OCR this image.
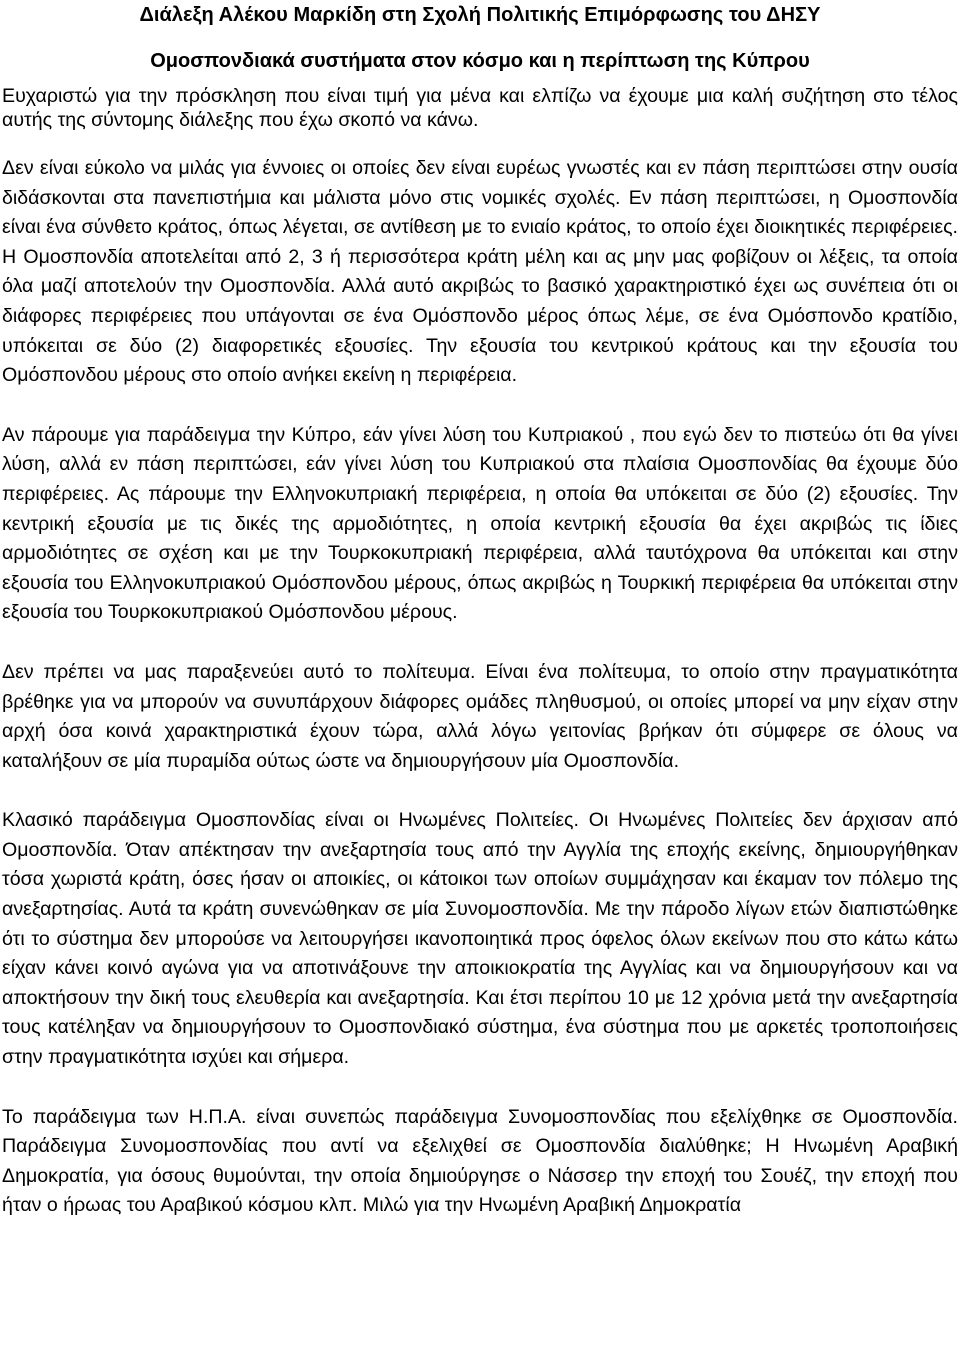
Διάλεξη Αλέκου Μαρκίδη στη Σχολή Πολιτικής Επιμόρφωσης του ΔΗΣΥ
Ομοσπονδιακά συστήματα στον κόσμο και η περίπτωση της Κύπρου

Ευχαριστώ για την πρόσκληση που είναι τιμή για μένα και ελπίζω να έχουμε μια καλή συζήτηση στο τέλος αυτής της σύντομης διάλεξης που έχω σκοπό να κάνω.

Δεν είναι εύκολο να μιλάς για έννοιες οι οποίες δεν είναι ευρέως γνωστές και εν πάση περιπτώσει στην ουσία διδάσκονται στα πανεπιστήμια και μάλιστα μόνο στις νομικές σχολές. Εν πάση περιπτώσει, η Ομοσπονδία είναι ένα σύνθετο κράτος, όπως λέγεται, σε αντίθεση με το ενιαίο κράτος, το οποίο έχει διοικητικές περιφέρειες. Η Ομοσπονδία αποτελείται από 2, 3 ή περισσότερα κράτη μέλη και ας μην μας φοβίζουν οι λέξεις, τα οποία όλα μαζί αποτελούν την Ομοσπονδία. Αλλά αυτό ακριβώς το βασικό χαρακτηριστικό έχει ως συνέπεια ότι οι διάφορες περιφέρειες που υπάγονται σε ένα Ομόσπονδο μέρος όπως λέμε, σε ένα Ομόσπονδο κρατίδιο, υπόκειται σε δύο (2) διαφορετικές εξουσίες. Την εξουσία του κεντρικού κράτους και την εξουσία του Ομόσπονδου μέρους στο οποίο ανήκει εκείνη η περιφέρεια.

Αν πάρουμε για παράδειγμα την Κύπρο, εάν γίνει λύση του Κυπριακού , που εγώ δεν το πιστεύω ότι θα γίνει λύση, αλλά εν πάση περιπτώσει, εάν γίνει λύση του Κυπριακού στα πλαίσια Ομοσπονδίας θα έχουμε δύο περιφέρειες. Ας πάρουμε την Ελληνοκυπριακή περιφέρεια, η οποία θα υπόκειται σε δύο (2) εξουσίες. Την κεντρική εξουσία με τις δικές της αρμοδιότητες, η οποία κεντρική εξουσία θα έχει ακριβώς τις ίδιες αρμοδιότητες σε σχέση και με την Τουρκοκυπριακή περιφέρεια, αλλά ταυτόχρονα θα υπόκειται και στην εξουσία του Ελληνοκυπριακού Ομόσπονδου μέρους, όπως ακριβώς η Τουρκική περιφέρεια θα υπόκειται στην εξουσία του Τουρκοκυπριακού Ομόσπονδου μέρους.

Δεν πρέπει να μας παραξενεύει αυτό το πολίτευμα. Είναι ένα πολίτευμα, το οποίο στην πραγματικότητα βρέθηκε για να μπορούν να συνυπάρχουν διάφορες ομάδες πληθυσμού, οι οποίες μπορεί να μην είχαν στην αρχή όσα κοινά χαρακτηριστικά έχουν τώρα, αλλά λόγω γειτονίας βρήκαν ότι σύμφερε σε όλους να καταλήξουν σε μία πυραμίδα ούτως ώστε να δημιουργήσουν μία Ομοσπονδία.

Κλασικό παράδειγμα Ομοσπονδίας είναι οι Ηνωμένες Πολιτείες. Οι Ηνωμένες Πολιτείες δεν άρχισαν από Ομοσπονδία. Όταν απέκτησαν την ανεξαρτησία τους από την Αγγλία της εποχής εκείνης, δημιουργήθηκαν τόσα χωριστά κράτη, όσες ήσαν οι αποικίες, οι κάτοικοι των οποίων συμμάχησαν και έκαμαν τον πόλεμο της ανεξαρτησίας. Αυτά τα κράτη συνενώθηκαν σε μία Συνομοσπονδία. Με την πάροδο λίγων ετών διαπιστώθηκε ότι το σύστημα δεν μπορούσε να λειτουργήσει ικανοποιητικά προς όφελος όλων εκείνων που στο κάτω κάτω είχαν κάνει κοινό αγώνα για να αποτινάξουνε την αποικιοκρατία της Αγγλίας και να δημιουργήσουν και να αποκτήσουν την δική τους ελευθερία και ανεξαρτησία. Και έτσι περίπου 10 με 12 χρόνια μετά την ανεξαρτησία τους κατέληξαν να δημιουργήσουν το Ομοσπονδιακό σύστημα, ένα σύστημα που με αρκετές τροποποιήσεις στην πραγματικότητα ισχύει και σήμερα.

Το παράδειγμα των Η.Π.Α. είναι συνεπώς παράδειγμα Συνομοσπονδίας που εξελίχθηκε σε Ομοσπονδία. Παράδειγμα Συνομοσπονδίας που αντί να εξελιχθεί σε Ομοσπονδία διαλύθηκε; Η Ηνωμένη Αραβική Δημοκρατία, για όσους θυμούνται, την οποία δημιούργησε ο Νάσσερ την εποχή του Σουέζ, την εποχή που ήταν ο ήρωας του Αραβικού κόσμου κλπ. Μιλώ για την Ηνωμένη Αραβική Δημοκρατία
